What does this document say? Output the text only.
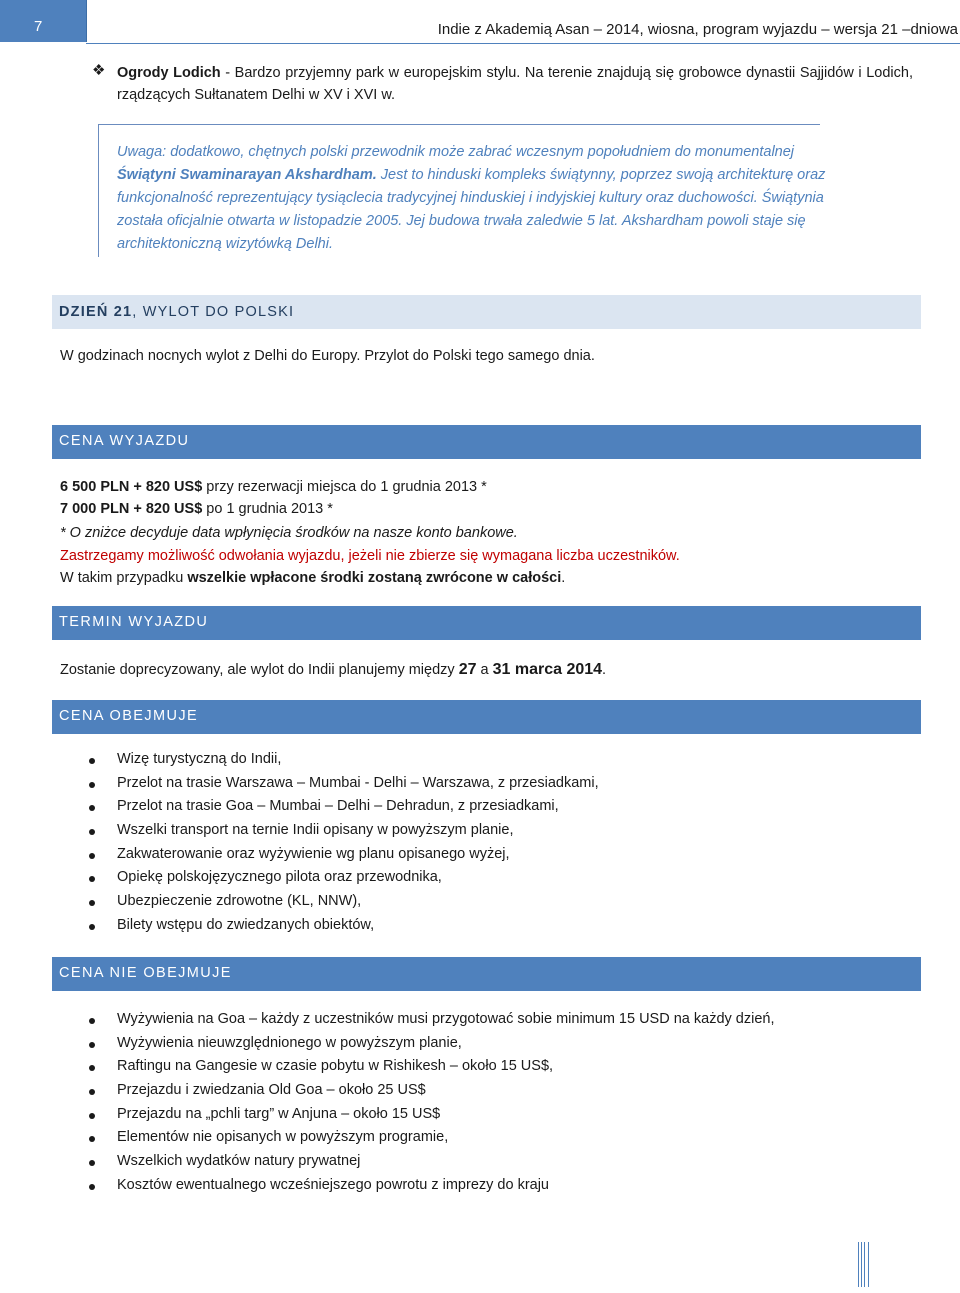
7	Indie z Akademią Asan – 2014, wiosna, program wyjazdu – wersja 21 –dniowa
❖ Ogrody Lodich - Bardzo przyjemny park w europejskim stylu. Na terenie znajdują się grobowce dynastii Sajjidów i Lodich, rządzących Sułtanatem Delhi w XV i XVI w.
Uwaga: dodatkowo, chętnych polski przewodnik może zabrać wczesnym popołudniem do monumentalnej Świątyni Swaminarayan Akshardham. Jest to hinduski kompleks świątynny, poprzez swoją architekturę oraz funkcjonalność reprezentujący tysiąclecia tradycyjnej hinduskiej i indyjskiej kultury oraz duchowości. Świątynia została oficjalnie otwarta w listopadzie 2005. Jej budowa trwała zaledwie 5 lat. Akshardham powoli staje się architektoniczną wizytówką Delhi.
DZIEŃ 21, WYLOT DO POLSKI
W godzinach nocnych wylot z Delhi do Europy. Przylot do Polski tego samego dnia.
CENA WYJAZDU
6 500 PLN + 820 US$ przy rezerwacji miejsca do 1 grudnia 2013 *
7 000 PLN + 820 US$ po 1 grudnia 2013 *
* O zniżce decyduje data wpłynięcia środków na nasze konto bankowe.
Zastrzegamy możliwość odwołania wyjazdu, jeżeli nie zbierze się wymagana liczba uczestników.
W takim przypadku wszelkie wpłacone środki zostaną zwrócone w całości.
TERMIN WYJAZDU
Zostanie doprecyzowany, ale wylot do Indii planujemy między 27 a 31 marca 2014.
CENA OBEJMUJE
Wizę turystyczną do Indii,
Przelot na trasie Warszawa – Mumbai - Delhi – Warszawa, z przesiadkami,
Przelot na trasie Goa – Mumbai – Delhi – Dehradun, z przesiadkami,
Wszelki transport na ternie Indii opisany w powyższym planie,
Zakwaterowanie oraz wyżywienie wg planu opisanego wyżej,
Opiekę polskojęzycznego pilota oraz przewodnika,
Ubezpieczenie zdrowotne (KL, NNW),
Bilety wstępu do zwiedzanych obiektów,
CENA NIE OBEJMUJE
Wyżywienia na Goa – każdy z uczestników musi przygotować sobie minimum 15 USD na każdy dzień,
Wyżywienia nieuwzględnionego w powyższym planie,
Raftingu na Gangesie w czasie pobytu w Rishikesh – około 15 US$,
Przejazdu i zwiedzania Old Goa – około 25 US$
Przejazdu na „pchli targ” w Anjuna – około 15 US$
Elementów nie opisanych w powyższym programie,
Wszelkich wydatków natury prywatnej
Kosztów ewentualnego wcześniejszego powrotu z imprezy do kraju
